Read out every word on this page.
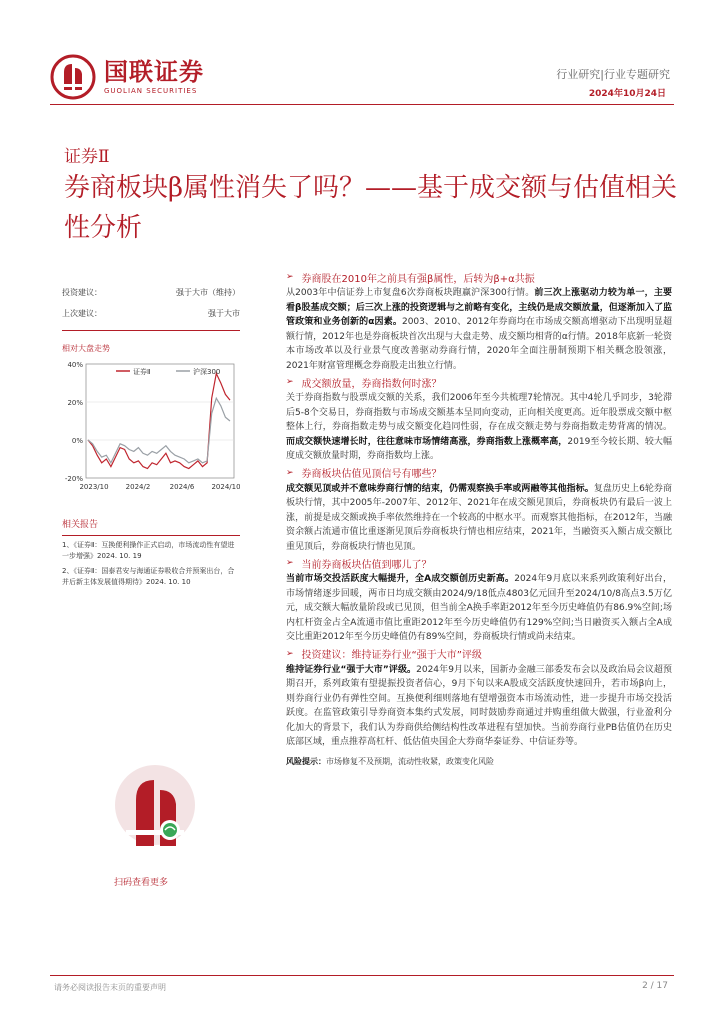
国联证券
GUOLIAN SECURITIES
行业研究|行业专题研究
2024年10月24日
证券Ⅱ
券商板块β属性消失了吗？——基于成交额与估值相关性分析
投资建议：	强于大市（维持）
上次建议：	强于大市
相对大盘走势
40%
20%
0%
-20%
2023/10 2024/2	2024/6 2024/10
证券Ⅱ	沪深300
相关报告
1、《证券Ⅱ：互换便利操作正式启动，市场流动性有望进一步增强》2024. 10. 19
2、《证券Ⅱ：国泰君安与海通证券吸收合并预案出台，合并后新主体发展值得期待》2024. 10. 10
扫码查看更多
➢ 券商股在2010年之前具有强β属性，后转为β+α共振

从2003年中信证券上市复盘6次券商板块跑赢沪深300行情。前三次上涨驱动力较为单一，主要看β股基成交额；后三次上涨的投资逻辑与之前略有变化，主线仍是成交额放量，但逐渐加入了监管政策和业务创新的α因素。2003、2010、2012年券商均在市场成交额高增驱动下出现明显超额行情，2012年也是券商板块首次出现与大盘走势、成交额均相背的α行情。2018年底新一轮资本市场改革以及行业景气度改善驱动券商行情，2020年全面注册制预期下相关概念股领涨，2021年财富管理概念券商股走出独立行情。

➢ 成交额放量，券商指数何时涨？

关于券商指数与股票成交额的关系，我们2006年至今共梳理7轮情况。其中4轮几乎同步，3轮滞后5-8个交易日，券商指数与市场成交额基本呈同向变动，正向相关度更高。近年股票成交额中枢整体上行，券商指数走势与成交额变化趋同性弱，存在成交额走势与券商指数走势背离的情况。而成交额快速增长时，往往意味市场情绪高涨，券商指数上涨概率高，2019至今较长期、较大幅度成交额放量时期，券商指数均上涨。

➢ 券商板块估值见顶信号有哪些？

成交额见顶或并不意味券商行情的结束，仍需观察换手率或两融等其他指标。复盘历史上6轮券商板块行情，其中2005年-2007年、2012年、2021年在成交额见顶后，券商板块仍有最后一波上涨，前提是成交额或换手率依然维持在一个较高的中枢水平。而观察其他指标，在2012年，当融资余额占流通市值比重逐渐见顶后券商板块行情也相应结束，2021年，当融资买入额占成交额比重见顶后，券商板块行情也见顶。

➢ 当前券商板块估值到哪儿了？

当前市场交投活跃度大幅提升，全A成交额创历史新高。2024年9月底以来系列政策利好出台，市场情绪逐步回暖，两市日均成交额由2024/9/18低点4803亿元回升至2024/10/8高点3.5万亿元，成交额大幅放量阶段或已见顶，但当前全A换手率距2012年至今历史峰值仍有86.9%空间;场内杠杆资金占全A流通市值比重距2012年至今历史峰值仍有129%空间;当日融资买入额占全A成交比重距2012年至今历史峰值仍有89%空间，券商板块行情或尚未结束。

➢ 投资建议：维持证券行业“强于大市”评级

维持证券行业“强于大市”评级。2024年9月以来，国新办金融三部委发布会以及政治局会议超预期召开，系列政策有望提振投资者信心，9月下旬以来A股成交活跃度快速回升，若市场β向上，则券商行业仍有弹性空间。互换便利细则落地有望增强资本市场流动性，进一步提升市场交投活跃度。在监管政策引导券商资本集约式发展，同时鼓励券商通过并购重组做大做强，行业盈利分化加大的背景下，我们认为券商供给侧结构性改革进程有望加快。当前券商行业PB估值仍在历史底部区域，重点推荐高杠杆、低估值央国企大券商华泰证券、中信证券等。

风险提示：市场修复不及预期，流动性收紧，政策变化风险
请务必阅读报告末页的重要声明	2 / 17
